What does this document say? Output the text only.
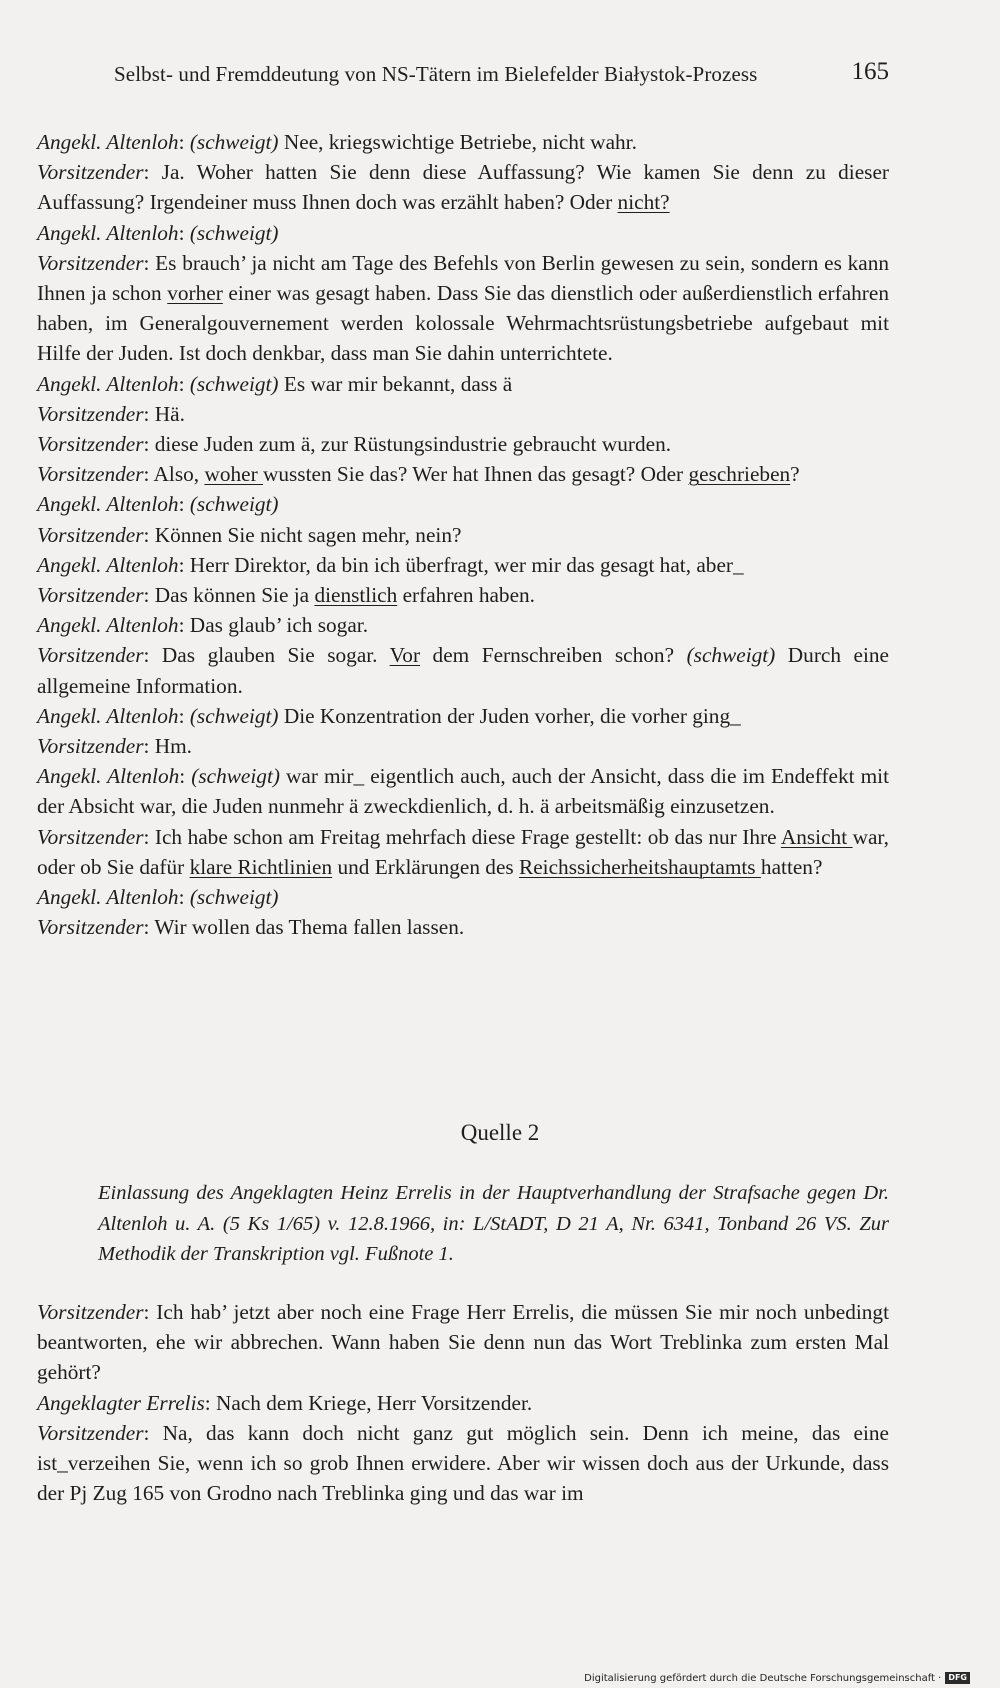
Selbst- und Fremddeutung von NS-Tätern im Bielefelder Białystok-Prozess	165

Angekl. Altenloh: (schweigt) Nee, kriegswichtige Betriebe, nicht wahr.

Vorsitzender: Ja. Woher hatten Sie denn diese Auffassung? Wie kamen Sie denn zu dieser Auffassung? Irgendeiner muss Ihnen doch was erzählt haben? Oder nicht?

Angekl. Altenloh: (schweigt)

Vorsitzender: Es brauch’ ja nicht am Tage des Befehls von Berlin gewesen zu sein, sondern es kann Ihnen ja schon vorher einer was gesagt haben. Dass Sie das dienstlich oder außerdienstlich erfahren haben, im Generalgouvernement werden kolossale Wehrmachtsrüstungsbetriebe aufgebaut mit Hilfe der Juden. Ist doch denkbar, dass man Sie dahin unterrichtete.

Angekl. Altenloh: (schweigt) Es war mir bekannt, dass ä

Vorsitzender: Hä.

Vorsitzender: diese Juden zum ä, zur Rüstungsindustrie gebraucht wurden.

Vorsitzender: Also, woher wussten Sie das? Wer hat Ihnen das gesagt? Oder geschrieben?

Angekl. Altenloh: (schweigt)

Vorsitzender: Können Sie nicht sagen mehr, nein?

Angekl. Altenloh: Herr Direktor, da bin ich überfragt, wer mir das gesagt hat, aber_

Vorsitzender: Das können Sie ja dienstlich erfahren haben.

Angekl. Altenloh: Das glaub’ ich sogar.

Vorsitzender: Das glauben Sie sogar. Vor dem Fernschreiben schon? (schweigt) Durch eine allgemeine Information.

Angekl. Altenloh: (schweigt) Die Konzentration der Juden vorher, die vorher ging_

Vorsitzender: Hm.

Angekl. Altenloh: (schweigt) war mir_ eigentlich auch, auch der Ansicht, dass die im Endeffekt mit der Absicht war, die Juden nunmehr ä zweckdienlich, d. h. ä arbeitsmäßig einzusetzen.

Vorsitzender: Ich habe schon am Freitag mehrfach diese Frage gestellt: ob das nur Ihre Ansicht war, oder ob Sie dafür klare Richtlinien und Erklärungen des Reichssicherheitshauptamts hatten?

Angekl. Altenloh: (schweigt)

Vorsitzender: Wir wollen das Thema fallen lassen.

Quelle 2
Einlassung des Angeklagten Heinz Errelis in der Hauptverhandlung der Strafsache gegen Dr. Altenloh u. A. (5 Ks 1/65) v. 12.8.1966, in: L/StADT, D 21 A, Nr. 6341, Tonband 26 VS. Zur Methodik der Transkription vgl. Fußnote 1.

Vorsitzender: Ich hab’ jetzt aber noch eine Frage Herr Errelis, die müssen Sie mir noch unbedingt beantworten, ehe wir abbrechen. Wann haben Sie denn nun das Wort Treblinka zum ersten Mal gehört?

Angeklagter Errelis: Nach dem Kriege, Herr Vorsitzender.

Vorsitzender: Na, das kann doch nicht ganz gut möglich sein. Denn ich meine, das eine ist_verzeihen Sie, wenn ich so grob Ihnen erwidere. Aber wir wissen doch aus der Urkunde, dass der Pj Zug 165 von Grodno nach Treblinka ging und das war im

Digitalisierung gefördert durch die Deutsche Forschungsgemeinschaft · DFG
